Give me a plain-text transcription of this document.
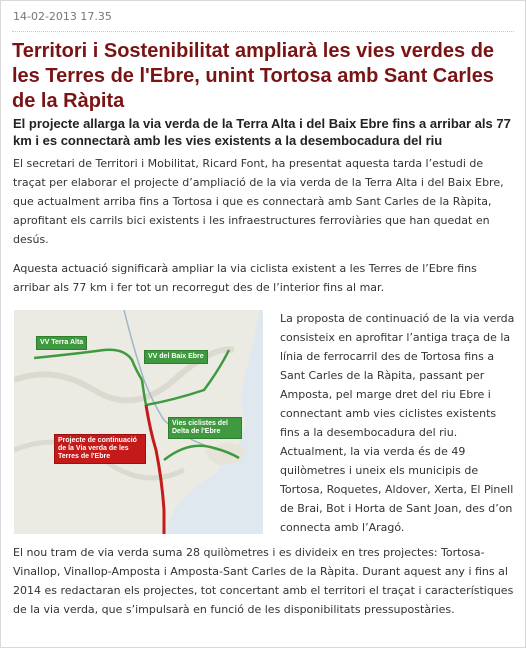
14-02-2013 17.35
Territori i Sostenibilitat ampliarà les vies verdes de les Terres de l'Ebre, unint Tortosa amb Sant Carles de la Ràpita

El projecte allarga la via verda de la Terra Alta i del Baix Ebre fins a arribar als 77 km i es connectarà amb les vies existents a la desembocadura del riu

El secretari de Territori i Mobilitat, Ricard Font, ha presentat aquesta tarda l’estudi de traçat per elaborar el projecte d’ampliació de la via verda de la Terra Alta i del Baix Ebre, que actualment arriba fins a Tortosa i que es connectarà amb Sant Carles de la Ràpita, aprofitant els carrils bici existents i les infraestructures ferroviàries que han quedat en desús.

Aquesta actuació significarà ampliar la via ciclista existent a les Terres de l’Ebre fins arribar als 77 km i fer tot un recorregut des de l’interior fins al mar.

VV Terra Alta
VV del Baix Ebre
Vies ciclistes del Delta de l'Ebre
Projecte de continuació de la Via verda de les Terres de l'Ebre

La proposta de continuació de la via verda consisteix en aprofitar l’antiga traça de la línia de ferrocarril des de Tortosa fins a Sant Carles de la Ràpita, passant per Amposta, pel marge dret del riu Ebre i connectant amb vies ciclistes existents fins a la desembocadura del riu. Actualment, la via verda és de 49 quilòmetres i uneix els municipis de Tortosa, Roquetes, Aldover, Xerta, El Pinell de Brai, Bot i Horta de Sant Joan, des d’on connecta amb l’Aragó.

El nou tram de via verda suma 28 quilòmetres i es divideix en tres projectes: Tortosa-Vinallop, Vinallop-Amposta i Amposta-Sant Carles de la Ràpita. Durant aquest any i fins al 2014 es redactaran els projectes, tot concertant amb el territori el traçat i característiques de la via verda, que s’impulsarà en funció de les disponibilitats pressupostàries.
